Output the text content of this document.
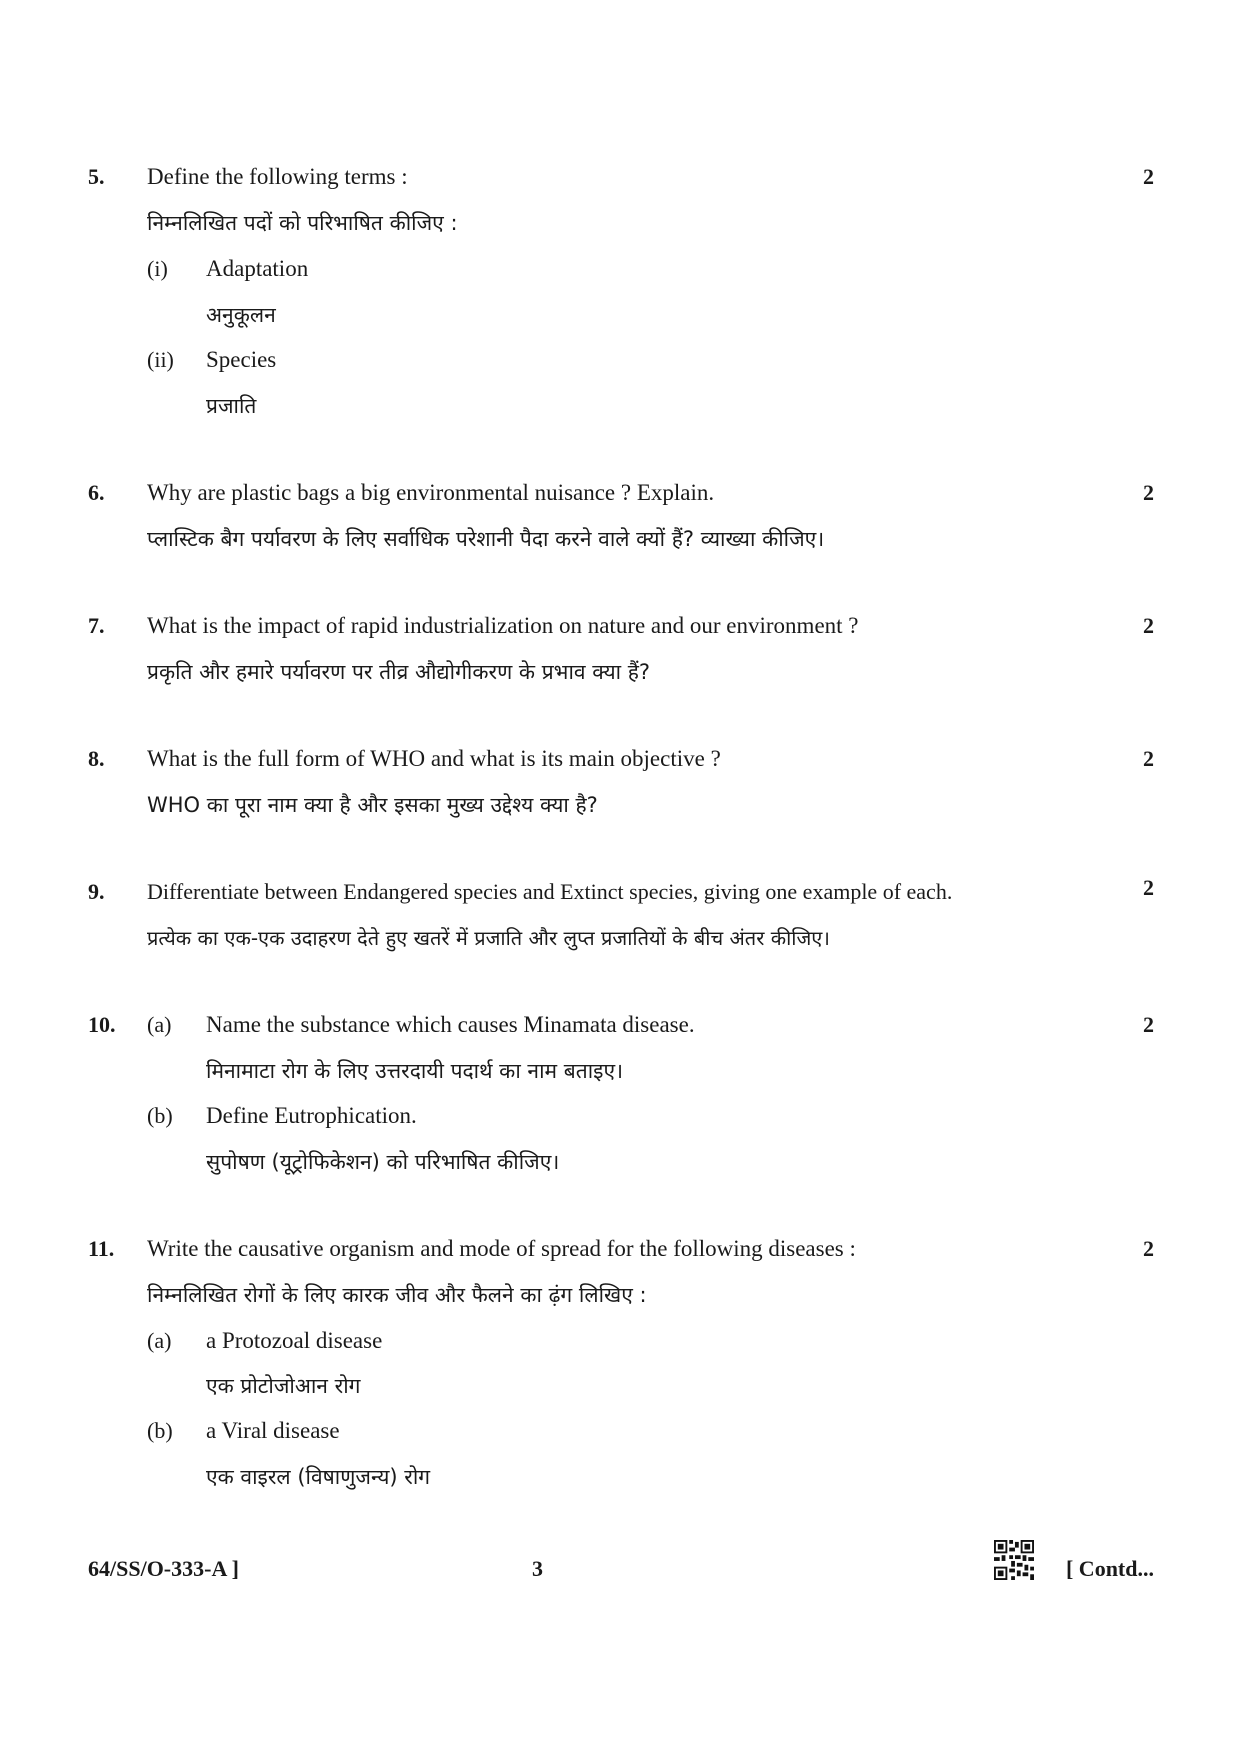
5. Define the following terms :	2
निम्नलिखित पदों को परिभाषित कीजिए :
(i) Adaptation
अनुकूलन
(ii) Species
प्रजाति
6. Why are plastic bags a big environmental nuisance ? Explain.	2
प्लास्टिक बैग पर्यावरण के लिए सर्वाधिक परेशानी पैदा करने वाले क्यों हैं? व्याख्या कीजिए।
7. What is the impact of rapid industrialization on nature and our environment ?	2
प्रकृति और हमारे पर्यावरण पर तीव्र औद्योगीकरण के प्रभाव क्या हैं?
8. What is the full form of WHO and what is its main objective ?	2
WHO का पूरा नाम क्या है और इसका मुख्य उद्देश्य क्या है?
9. Differentiate between Endangered species and Extinct species, giving one example of each.	2
प्रत्येक का एक-एक उदाहरण देते हुए खतरें में प्रजाति और लुप्त प्रजातियों के बीच अंतर कीजिए।
10. (a) Name the substance which causes Minamata disease.	2
मिनामाटा रोग के लिए उत्तरदायी पदार्थ का नाम बताइए।
(b) Define Eutrophication.
सुपोषण (यूट्रोफिकेशन) को परिभाषित कीजिए।
11. Write the causative organism and mode of spread for the following diseases :	2
निम्नलिखित रोगों के लिए कारक जीव और फैलने का ढ़ंग लिखिए :
(a) a Protozoal disease
एक प्रोटोजोआन रोग
(b) a Viral disease
एक वाइरल (विषाणुजन्य) रोग
64/SS/O-333-A ]	3	[ Contd...
